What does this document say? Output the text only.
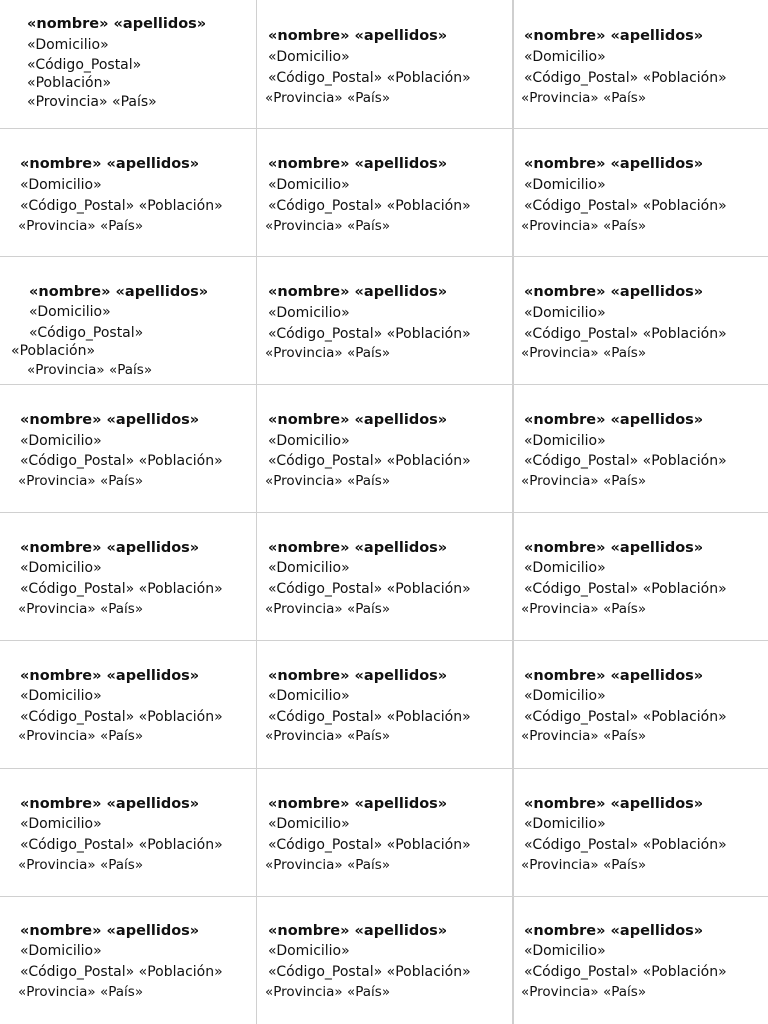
«nombre» «apellidos»
«Domicilio»
«Código_Postal»
«Población»
«Provincia» «País»
«nombre» «apellidos»
«Domicilio»
«Código_Postal» «Población»
«Provincia» «País»
«nombre» «apellidos»
«Domicilio»
«Código_Postal» «Población»
«Provincia» «País»
«nombre» «apellidos»
«Domicilio»
«Código_Postal» «Población»
«Provincia» «País»
«nombre» «apellidos»
«Domicilio»
«Código_Postal» «Población»
«Provincia» «País»
«nombre» «apellidos»
«Domicilio»
«Código_Postal» «Población»
«Provincia» «País»
«nombre» «apellidos»
«Domicilio»
«Código_Postal»
«Población»
«Provincia» «País»
«nombre» «apellidos»
«Domicilio»
«Código_Postal» «Población»
«Provincia» «País»
«nombre» «apellidos»
«Domicilio»
«Código_Postal» «Población»
«Provincia» «País»
«nombre» «apellidos»
«Domicilio»
«Código_Postal» «Población»
«Provincia» «País»
«nombre» «apellidos»
«Domicilio»
«Código_Postal» «Población»
«Provincia» «País»
«nombre» «apellidos»
«Domicilio»
«Código_Postal» «Población»
«Provincia» «País»
«nombre» «apellidos»
«Domicilio»
«Código_Postal» «Población»
«Provincia» «País»
«nombre» «apellidos»
«Domicilio»
«Código_Postal» «Población»
«Provincia» «País»
«nombre» «apellidos»
«Domicilio»
«Código_Postal» «Población»
«Provincia» «País»
«nombre» «apellidos»
«Domicilio»
«Código_Postal» «Población»
«Provincia» «País»
«nombre» «apellidos»
«Domicilio»
«Código_Postal» «Población»
«Provincia» «País»
«nombre» «apellidos»
«Domicilio»
«Código_Postal» «Población»
«Provincia» «País»
«nombre» «apellidos»
«Domicilio»
«Código_Postal» «Población»
«Provincia» «País»
«nombre» «apellidos»
«Domicilio»
«Código_Postal» «Población»
«Provincia» «País»
«nombre» «apellidos»
«Domicilio»
«Código_Postal» «Población»
«Provincia» «País»
«nombre» «apellidos»
«Domicilio»
«Código_Postal» «Población»
«Provincia» «País»
«nombre» «apellidos»
«Domicilio»
«Código_Postal» «Población»
«Provincia» «País»
«nombre» «apellidos»
«Domicilio»
«Código_Postal» «Población»
«Provincia» «País»
